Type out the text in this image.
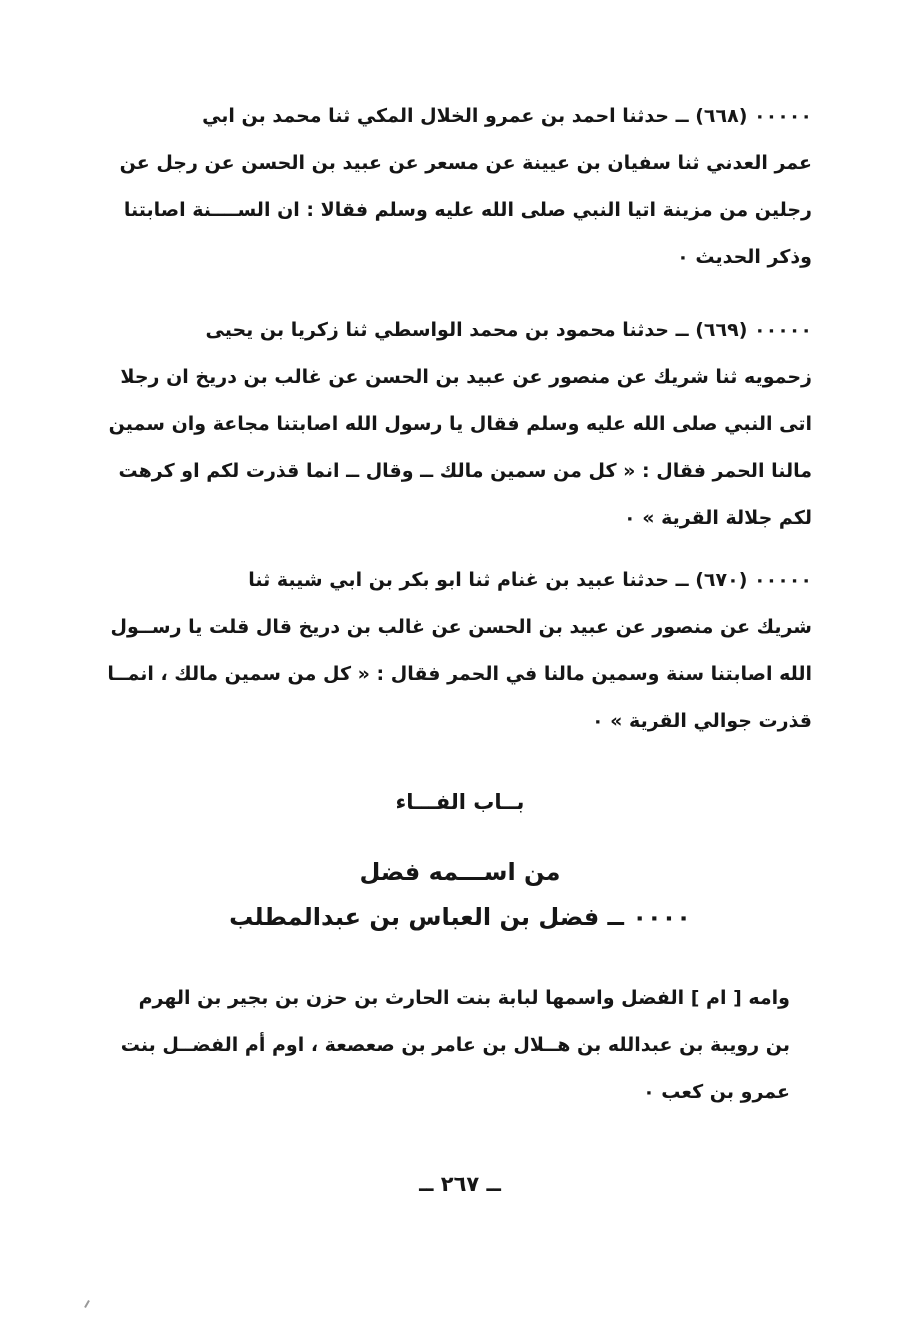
٠٠٠٠٠ (٦٦٨) ــ حدثنا احمد بن عمرو الخلال المكي ثنا محمد بن ابي
عمر العدني ثنا سفيان بن عيينة عن مسعر عن عبيد بن الحسن عن رجل عن
رجلين من مزينة اتيا النبي صلى الله عليه وسلم فقالا : ان الســــنة اصابتنا
وذكر الحديث ٠
٠٠٠٠٠ (٦٦٩) ــ حدثنا محمود بن محمد الواسطي ثنا زكريا بن يحيى
زحمويه ثنا شريك عن منصور عن عبيد بن الحسن عن غالب بن دريخ ان رجلا
اتى النبي صلى الله عليه وسلم فقال يا رسول الله اصابتنا مجاعة وان سمين
مالنا الحمر فقال : « كل من سمين مالك ــ وقال ــ انما قذرت لكم او كرهت
لكم جلالة القرية » ٠
٠٠٠٠٠ (٦٧٠) ــ حدثنا عبيد بن غنام ثنا ابو بكر بن ابي شيبة ثنا
شريك عن منصور عن عبيد بن الحسن عن غالب بن دريخ قال قلت يا رســول
الله اصابتنا سنة وسمين مالنا في الحمر فقال : « كل من سمين مالك ، انمــا
قذرت جوالي القرية » ٠
بــاب الفـــاء
من اســـمه فضل
٠٠٠٠ ــ فضل بن العباس بن عبدالمطلب
وامه [ ام ] الفضل واسمها لبابة بنت الحارث بن حزن بن بجير بن الهرم
بن رويبة بن عبدالله بن هــلال بن عامر بن صعصعة ، اوم أم الفضــل بنت
عمرو بن كعب ٠
ــ ٢٦٧ ــ
